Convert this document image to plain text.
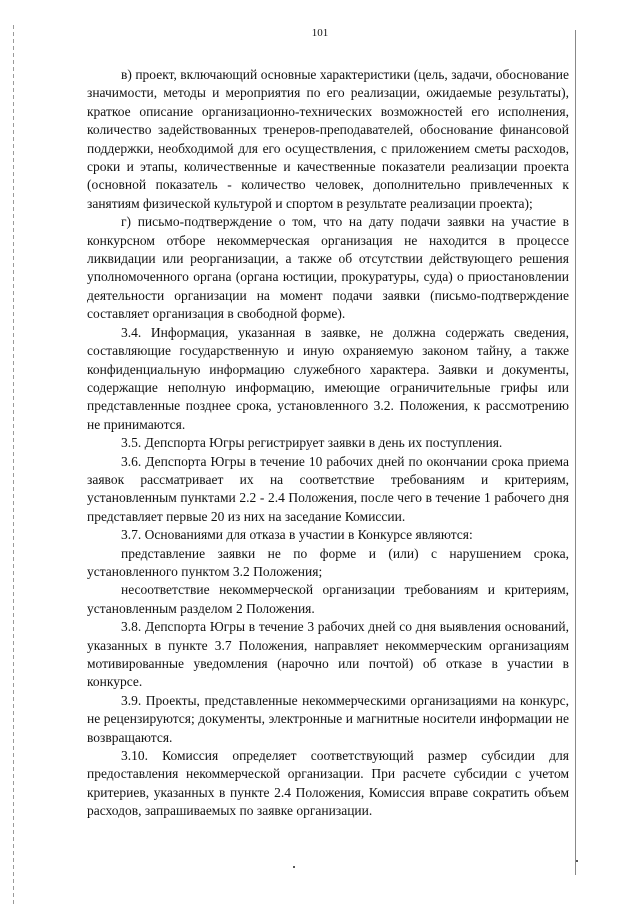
101

в) проект, включающий основные характеристики (цель, задачи, обоснование значимости, методы и мероприятия по его реализации, ожидаемые результаты), краткое описание организационно-технических возможностей его исполнения, количество задействованных тренеров-преподавателей, обоснование финансовой поддержки, необходимой для его осуществления, с приложением сметы расходов, сроки и этапы, количественные и качественные показатели реализации проекта (основной показатель - количество человек, дополнительно привлеченных к занятиям физической культурой и спортом в результате реализации проекта);

г) письмо-подтверждение о том, что на дату подачи заявки на участие в конкурсном отборе некоммерческая организация не находится в процессе ликвидации или реорганизации, а также об отсутствии действующего решения уполномоченного органа (органа юстиции, прокуратуры, суда) о приостановлении деятельности организации на момент подачи заявки (письмо-подтверждение составляет организация в свободной форме).

3.4. Информация, указанная в заявке, не должна содержать сведения, составляющие государственную и иную охраняемую законом тайну, а также конфиденциальную информацию служебного характера. Заявки и документы, содержащие неполную информацию, имеющие ограничительные грифы или представленные позднее срока, установленного 3.2. Положения, к рассмотрению не принимаются.

3.5. Депспорта Югры регистрирует заявки в день их поступления.

3.6. Депспорта Югры в течение 10 рабочих дней по окончании срока приема заявок рассматривает их на соответствие требованиям и критериям, установленным пунктами 2.2 - 2.4 Положения, после чего в течение 1 рабочего дня представляет первые 20 из них на заседание Комиссии.

3.7. Основаниями для отказа в участии в Конкурсе являются:

представление заявки не по форме и (или) с нарушением срока, установленного пунктом 3.2 Положения;

несоответствие некоммерческой организации требованиям и критериям, установленным разделом 2 Положения.

3.8. Депспорта Югры в течение 3 рабочих дней со дня выявления оснований, указанных в пункте 3.7 Положения, направляет некоммерческим организациям мотивированные уведомления (нарочно или почтой) об отказе в участии в конкурсе.

3.9. Проекты, представленные некоммерческими организациями на конкурс, не рецензируются; документы, электронные и магнитные носители информации не возвращаются.

3.10. Комиссия определяет соответствующий размер субсидии для предоставления некоммерческой организации. При расчете субсидии с учетом критериев, указанных в пункте 2.4 Положения, Комиссия вправе сократить объем расходов, запрашиваемых по заявке организации.
